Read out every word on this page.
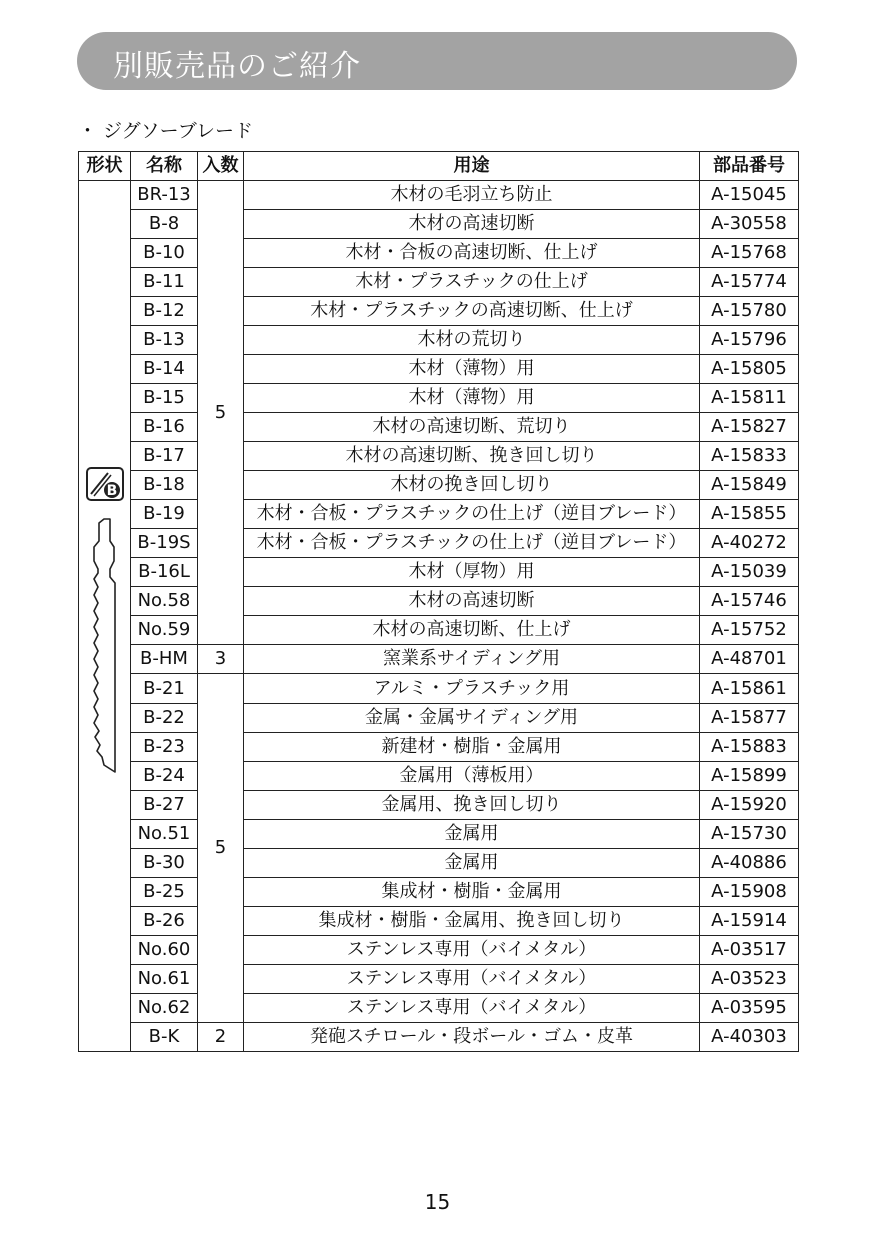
別販売品のご紹介
・ ジグソーブレード
形状	名称	入数	用途	部品番号

B	BR-13	5	木材の毛羽立ち防止	A-15045
	B-8		木材の高速切断	A-30558
	B-10		木材・合板の高速切断、仕上げ	A-15768
	B-11		木材・プラスチックの仕上げ	A-15774
	B-12		木材・プラスチックの高速切断、仕上げ	A-15780
	B-13		木材の荒切り	A-15796
	B-14		木材（薄物）用	A-15805
	B-15		木材（薄物）用	A-15811
	B-16		木材の高速切断、荒切り	A-15827
	B-17		木材の高速切断、挽き回し切り	A-15833
	B-18		木材の挽き回し切り	A-15849
	B-19		木材・合板・プラスチックの仕上げ（逆目ブレード）	A-15855
	B-19S		木材・合板・プラスチックの仕上げ（逆目ブレード）	A-40272
	B-16L		木材（厚物）用	A-15039
	No.58		木材の高速切断	A-15746
	No.59		木材の高速切断、仕上げ	A-15752
	B-HM	3	窯業系サイディング用	A-48701
	B-21	5	アルミ・プラスチック用	A-15861
	B-22		金属・金属サイディング用	A-15877
	B-23		新建材・樹脂・金属用	A-15883
	B-24		金属用（薄板用）	A-15899
	B-27		金属用、挽き回し切り	A-15920
	No.51		金属用	A-15730
	B-30		金属用	A-40886
	B-25		集成材・樹脂・金属用	A-15908
	B-26		集成材・樹脂・金属用、挽き回し切り	A-15914
	No.60		ステンレス専用（バイメタル）	A-03517
	No.61		ステンレス専用（バイメタル）	A-03523
	No.62		ステンレス専用（バイメタル）	A-03595
	B-K	2	発砲スチロール・段ボール・ゴム・皮革	A-40303
15
